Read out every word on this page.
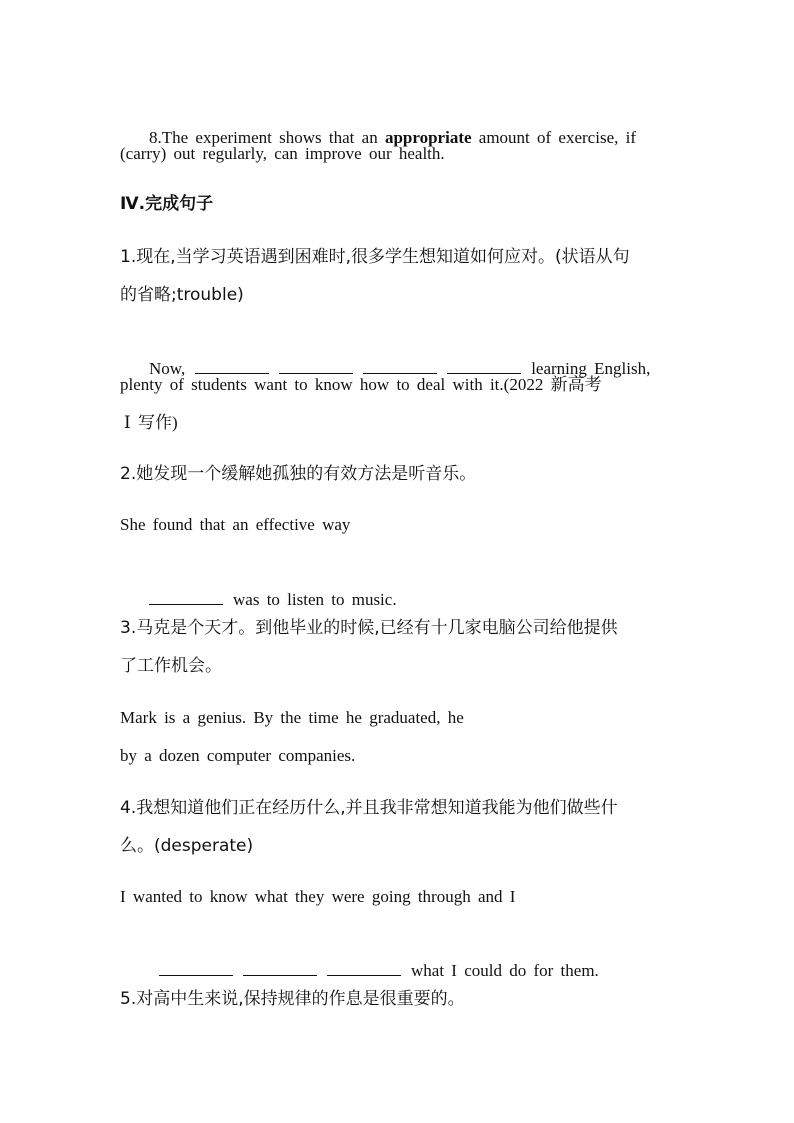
8.The experiment shows that an appropriate amount of exercise, if

(carry) out regularly, can improve our health.
Ⅳ.完成句子
1.现在,当学习英语遇到困难时,很多学生想知道如何应对。(状语从句
的省略;trouble)

Now,	learning English,

plenty of students want to know how to deal with it.(2022 新高考
Ⅰ 写作)
2.她发现一个缓解她孤独的有效方法是听音乐。
She found that an effective way

was to listen to music.

3.马克是个天才。到他毕业的时候,已经有十几家电脑公司给他提供
了工作机会。
Mark is a genius. By the time he graduated, he
by a dozen computer companies.
4.我想知道他们正在经历什么,并且我非常想知道我能为他们做些什
么。(desperate)
I wanted to know what they were going through and I

what I could do for them.

5.对高中生来说,保持规律的作息是很重要的。
